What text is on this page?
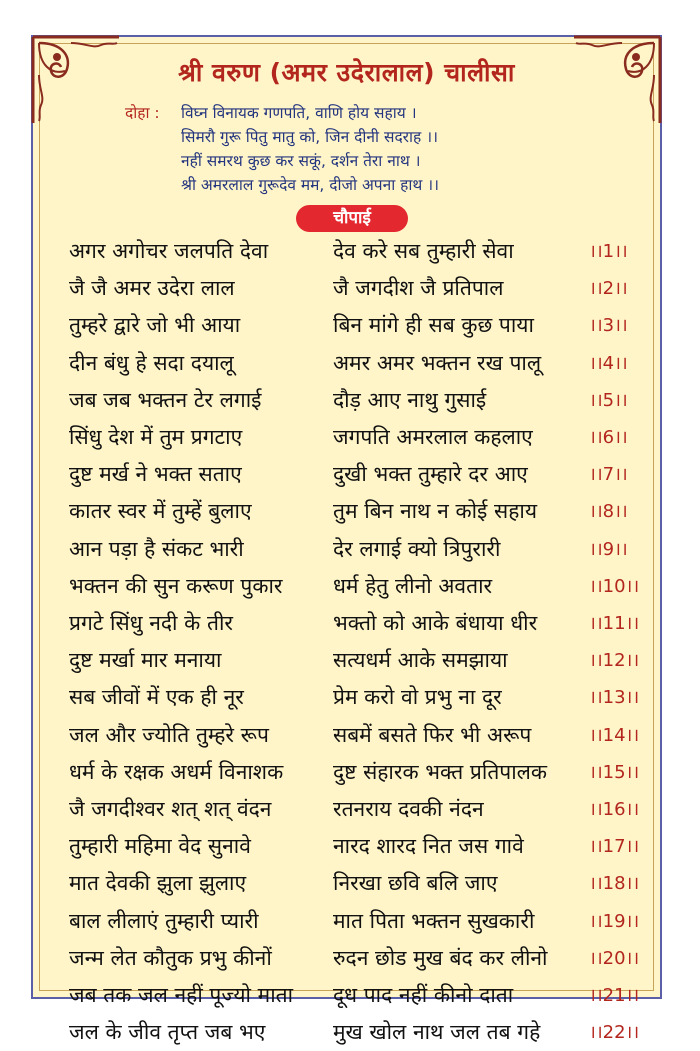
श्री वरुण (अमर उदेरालाल) चालीसा
दोहा : विघ्न विनायक गणपति, वाणि होय सहाय ।
सिमरौ गुरू पितु मातु को, जिन दीनी सदराह ।।
नहीं समरथ कुछ कर सकूं, दर्शन तेरा नाथ ।
श्री अमरलाल गुरूदेव मम, दीजो अपना हाथ ।।
चौपाई
अगर अगोचर जलपति देवा	देव करे सब तुम्हारी सेवा	।।1।।
जै जै अमर उदेरा लाल	जै जगदीश जै प्रतिपाल	।।2।।
तुम्हरे द्वारे जो भी आया	बिन मांगे ही सब कुछ पाया	।।3।।
दीन बंधु हे सदा दयालू	अमर अमर भक्तन रख पालू	।।4।।
जब जब भक्तन टेर लगाई	दौड़ आए नाथु गुसाई	।।5।।
सिंधु देश में तुम प्रगटाए	जगपति अमरलाल कहलाए	।।6।।
दुष्ट मर्ख ने भक्त सताए	दुखी भक्त तुम्हारे दर आए	।।7।।
कातर स्वर में तुम्हें बुलाए	तुम बिन नाथ न कोई सहाय	।।8।।
आन पड़ा है संकट भारी	देर लगाई क्यो त्रिपुरारी	।।9।।
भक्तन की सुन करूण पुकार	धर्म हेतु लीनो अवतार	।।10।।
प्रगटे सिंधु नदी के तीर	भक्तो को आके बंधाया धीर	।।11।।
दुष्ट मर्खा मार मनाया	सत्यधर्म आके समझाया	।।12।।
सब जीवों में एक ही नूर	प्रेम करो वो प्रभु ना दूर	।।13।।
जल और ज्योति तुम्हरे रूप	सबमें बसते फिर भी अरूप	।।14।।
धर्म के रक्षक अधर्म विनाशक	दुष्ट संहारक भक्त प्रतिपालक	।।15।।
जै जगदीश्वर शत् शत् वंदन	रतनराय दवकी नंदन	।।16।।
तुम्हारी महिमा वेद सुनावे	नारद शारद नित जस गावे	।।17।।
मात देवकी झुला झुलाए	निरखा छवि बलि जाए	।।18।।
बाल लीलाएं तुम्हारी प्यारी	मात पिता भक्तन सुखकारी	।।19।।
जन्म लेत कौतुक प्रभु कीनों	रुदन छोड मुख बंद कर लीनो	।।20।।
जब तक जल नहीं पूज्यो माता	दूध पाद नहीं कीनो दाता	।।21।।
जल के जीव तृप्त जब भए	मुख खोल नाथ जल तब गहे	।।22।।
